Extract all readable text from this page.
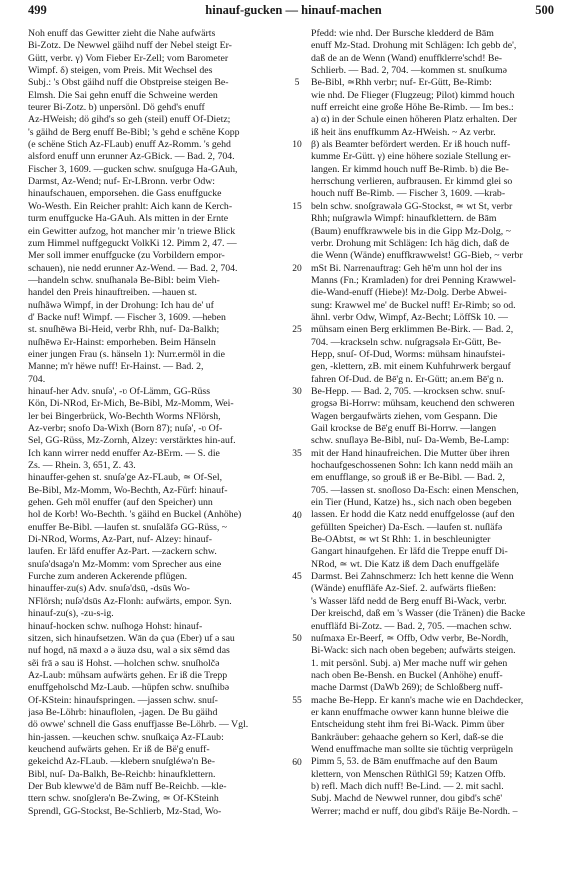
499	hinauf-gucken — hinauf-machen	500
Noh enuff das Gewitter zieht die Nahe aufwärts
Bi-Zotz. De Newwel gäihd nuff der Nebel steigt Er-
Gütt, verbr. γ) Vom Fieber Er-Zell; vom Barometer
Wimpf. δ) steigen, vom Preis. Mit Wechsel des
Subj.: 's Obst gäihd nuff die Obstpreise steigen Be-
Elmsh. Die Sai gehn enuff die Schweine werden
teurer Bi-Zotz. b) unpersönl. Dö gehd's enuff
Az-HWeish; dö gihd's so geh (steil) enuff Of-Dietz;
's gäihd de Berg enuff Be-Bibl; 's gehd e schëne Kopp
(e schëne Stich Az-FLaub) enuff Az-Romm. 's gehd
alsford enuff unn erunner Az-GBick. — Bad. 2, 704.
Fischer 3, 1609. —gucken schw. snuſgugə Ha-GAuh,
Darmst, Az-Wend; nuf- Er-LBronn. verbr Odw:
hinaufschauen, emporsehen. die Gass enuffgucke
Wo-Westh. Ein Reicher prahlt: Aich kann de Kerch-
turm enuffgucke Ha-GAuh. Als mitten in der Ernte
ein Gewitter aufzog, hot mancher mir 'n triewe Blick
zum Himmel nuffgeguckt VolkKi 12. Pimm 2, 47. —
Mer soll immer enuffgucke (zu Vorbildern empor-
schauen), nie nedd erunner Az-Wend. — Bad. 2, 704.
—handeln schw. snuſhanələ Be-Bibl: beim Vieh-
handel den Preis hinauftreiben. —hauen st.
nuſhãwə Wimpf, in der Drohung: Ich hau de' uf
d' Backe nuf! Wimpf. — Fischer 3, 1609. —heben
st. snuſhēwə Bi-Heid, verbr Rhh, nuf- Da-Balkh;
nuſhēwə Er-Hainst: emporheben. Beim Hänseln
einer jungen Frau (s. hänseln 1): Nurr.ermöl in die
Manne; m'r hëwe nuff! Er-Hainst. — Bad. 2,
704.
hinauf-her Adv. snuſə', -ʋ Of-Lämm, GG-Rüss
Kön, Di-NRod, Er-Mich, Be-Bibl, Mz-Momm, Wei-
ler bei Bingerbrück, Wo-Bechth Worms NFlörsh,
Az-verbr; snofo Da-Wixh (Born 87); nuſə', -ʋ Of-
Sel, GG-Rüss, Mz-Zornh, Alzey: verstärktes hin-auf.
Ich kann wirrer nedd enuffer Az-BErm. — S. die
Zs. — Rhein. 3, 651, Z. 43.
hinauffer-gehen st. snuſə'ge Az-FLaub, ≃ Of-Sel,
Be-Bibl, Mz-Momm, Wo-Bechth, Az-Fürf: hinauf-
gehen. Geh möl enuffer (auf den Speicher) unn
hol de Korb! Wo-Bechth. 's gäihd en Buckel (Anhöhe)
enuffer Be-Bibl. —laufen st. snuſəlãfə GG-Rüss, ~
Di-NRod, Worms, Az-Part, nuf- Alzey: hinauf-
laufen. Er läfd enuffer Az-Part. —zackern schw.
snuſə'dsagə'n Mz-Momm: vom Sprecher aus eine
Furche zum anderen Ackerende pflügen.
hinauffer-zu(s) Adv. snuſə'dsū, -dsūs Wo-
NFlörsh; nuſə'dsūs Az-Flonh: aufwärts, empor. Syn.
hinauf-zu(s), -zu-s-ig.
hinauf-hocken schw. nuſhogə Hohst: hinauf-
sitzen, sich hinaufsetzen. Wān də çuə (Eber) uf ə sau
nuf hogd, nā məxd ə ə äuzə dsu, wal ə six sēmd das
sẽi frā ə sau iš Hohst. —holchen schw. snuſholčə
Az-Laub: mühsam aufwärts gehen. Er iß die Trepp
enuffgeholschd Mz-Laub. —hüpfen schw. snuſhibə
Of-KStein: hinaufspringen. —jassen schw. snuſ-
jasə Be-Löhrb: hinauflolen, -jagen. De Bu gäihd
dö owwe' schnell die Gass enuffjasse Be-Löhrb. — Vgl.
hin-jassen. —keuchen schw. snuſkaiçə Az-FLaub:
keuchend aufwärts gehen. Er iß de Bë'g enuff-
gekeichd Az-FLaub. —klebern snuſgléwə'n Be-
Bibl, nuſ- Da-Balkh, Be-Reichb: hinaufklettern.
Der Bub klewwe'd de Bām nuff Be-Reichb. —kle-
ttern schw. snoſglerə'n Be-Zwing, ≃ Of-KSteinh
Sprendl, GG-Stockst, Be-Schlierb, Mz-Stad, Wo-
5
10
15
20
25
30
35
40
45
50
55
60
Pfedd: wie nhd. Der Bursche kledderd de Bām
enuff Mz-Stad. Drohung mit Schlägen: Ich gebb de',
daß de an de Wenn (Wand) enuffklerre'schd! Be-
Schlierb. — Bad. 2, 704. —kommen st. snuſkumə
Be-Bibl, ≃Rhh verbr; nuf- Er-Gütt, Be-Rimb:
wie nhd. De Flieger (Flugzeug; Pilot) kimmd houch
nuff erreicht eine große Höhe Be-Rimb. — Im bes.:
a) α) in der Schule einen höheren Platz erhalten. Der
iß heit äns enuffkumm Az-HWeish. ~ Az verbr.
β) als Beamter befördert werden. Er iß houch nuff-
kumme Er-Gütt. γ) eine höhere soziale Stellung er-
langen. Er kimmd houch nuff Be-Rimb. b) die Be-
herrschung verlieren, aufbrausen. Er kimmd glei so
houch nuff Be-Rimb. — Fischer 3, 1609. —krab-
beln schw. snoſgrawələ GG-Stockst, ≃ wt St, verbr
Rhh; nuſgrawlə Wimpf: hinaufklettern. de Bām
(Baum) enuffkrawwele bis in die Gipp Mz-Dolg, ~
verbr. Drohung mit Schlägen: Ich häg dich, daß de
die Wenn (Wände) enuffkrawwelst! GG-Bieb, ~ verbr
mSt Bi. Narrenauftrag: Geh hē'm unn hol der ins
Manns (Fn.; Kramladen) for drei Penning Krawwel-
die-Wand-enuff (Hiebe)! Mz-Dolg. Derbe Abwei-
sung: Krawwel me' de Buckel nuff! Er-Rimb; so od.
ähnl. verbr Odw, Wimpf, Az-Becht; LöffSk 10. —
mühsam einen Berg erklimmen Be-Birk. — Bad. 2,
704. —krackseln schw. nuſgragsələ Er-Gütt, Be-
Hepp, snuſ- Of-Dud, Worms: mühsam hinaufstei-
gen, -klettern, zB. mit einem Kuhfuhrwerk bergauf
fahren Of-Dud. de Bē'g n. Er-Gütt; an.em Bē'g n.
Be-Hepp. — Bad. 2, 705. —krocksen schw. snuſ-
grogsə Bi-Horrw: mühsam, keuchend den schweren
Wagen bergaufwärts ziehen, vom Gespann. Die
Gail krockse de Bē'g enuff Bi-Horrw. —langen
schw. snuſlayə Be-Bibl, nuſ- Da-Wemb, Be-Lamp:
mit der Hand hinaufreichen. Die Mutter über ihren
hochaufgeschossenen Sohn: Ich kann nedd mäih an
em enufflange, so grouß iß er Be-Bibl. — Bad. 2,
705. —lassen st. snoſloso Da-Esch: einen Menschen,
ein Tier (Hund, Katze) hs., sich nach oben begeben
lassen. Er hodd die Katz nedd enuffgelosse (auf den
gefüllten Speicher) Da-Esch. —laufen st. nuſläfə
Be-OAbtst, ≃ wt St Rhh: 1. in beschleunigter
Gangart hinaufgehen. Er läfd die Treppe enuff Di-
NRod, ≃ wt. Die Katz iß dem Dach enuffgeläfe
Darmst. Bei Zahnschmerz: Ich hett kenne die Wenn
(Wände) enuffläfe Az-Sief. 2. aufwärts fließen:
's Wasser läfd nedd de Berg enuff Bi-Wack, verbr.
Der kreischd, daß em 's Wasser (die Tränen) die Backe
enuffläfd Bi-Zotz. — Bad. 2, 705. —machen schw.
nuſmaxə Er-Beerf, ≃ Offb, Odw verbr, Be-Nordh,
Bi-Wack: sich nach oben begeben; aufwärts steigen.
1. mit persönl. Subj. a) Mer mache nuff wir gehen
nach oben Be-Bensh. en Buckel (Anhöhe) enuff-
mache Darmst (DaWb 269); de Schloßberg nuff-
mache Be-Hepp. Er kann's mache wie en Dachdecker,
er kann enuffmache owwer kann hunne bleiwe die
Entscheidung steht ihm frei Bi-Wack. Pimm über
Bankräuber: gehaache gehern so Kerl, daß-se die
Wend enuffmache man sollte sie tüchtig verprügeln
Pimm 5, 53. de Bām enuffmache auf den Baum
klettern, von Menschen RüthlGl 59; Katzen Offb.
b) refl. Mach dich nuff! Be-Lind. — 2. mit sachl.
Subj. Machd de Newwel runner, dou gibd's schē'
Werrer; machd er nuff, dou gibd's Räije Be-Nordh. –
